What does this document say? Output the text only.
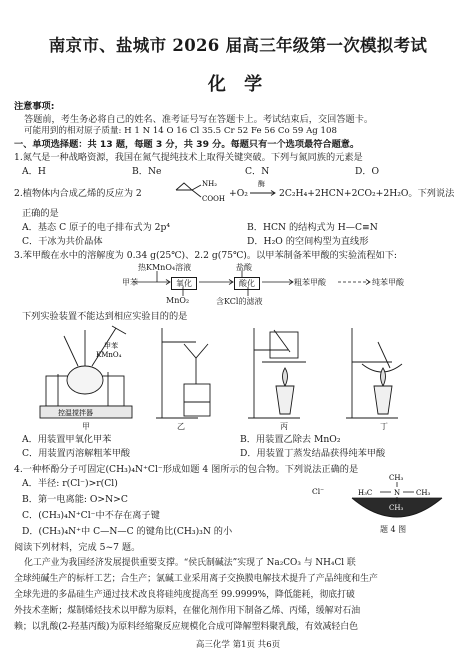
南京市、盐城市 2026 届高三年级第一次模拟考试
化 学
注意事项:
答题前，考生务必将自己的姓名、准考证号写在答题卡上。考试结束后，交回答题卡。
可能用到的相对原子质量: H 1 N 14 O 16 Cl 35.5 Cr 52 Fe 56 Co 59 Ag 108
一、单项选择题：共 13 题，每题 3 分，共 39 分。每题只有一个选项最符合题意。
1.氮气是一种战略资源，我国在氮气提纯技术上取得关键突破。下列与氮同族的元素是
A．H	B．Ne	C．N	D．O
2.植物体内合成乙烯的反应为 2
NH₂
COOH +O₂
酶
→ 2C₂H₄+2HCN+2CO₂+2H₂O。下列说法
正确的是
A．基态 C 原子的电子排布式为 2p⁴	B．HCN 的结构式为 H—C≡N
C．干冰为共价晶体	D．H₂O 的空间构型为直线形
3.苯甲酸在水中的溶解度为 0.34 g(25℃)、2.2 g(75℃)。以甲苯制备苯甲酸的实验流程如下:
热KMnO₄溶液	盐酸
甲苯	氧化	酸化	粗苯甲酸	纯苯甲酸
MnO₂	含KCl的滤液
下列实验装置不能达到相应实验目的的是
甲苯
KMnO₄
控温搅拌器
甲	乙	丙	丁
A．用装置甲氧化甲苯	B．用装置乙除去 MnO₂
C．用装置丙溶解粗苯甲酸	D．用装置丁蒸发结晶获得纯苯甲酸
4.一种杯酚分子可固定(CH₃)₄N⁺Cl⁻形成如题 4 图所示的包合物。下列说法正确的是
A．半径: r(Cl⁻)>r(Cl)
B．第一电离能: O>N>C
C．(CH₃)₄N⁺Cl⁻中不存在离子键
D．(CH₃)₄N⁺中 C—N—C 的键角比(CH₃)₃N 的小
Cl⁻
CH₃
H₃C	N CH₃
CH₃
题 4 图
阅读下列材料，完成 5~7 题。
化工产业为我国经济发展提供重要支撑。“侯氏制碱法”实现了 Na₂CO₃ 与 NH₄Cl 联
全球纯碱生产的标杆工艺；合生产；氯碱工业采用离子交换膜电解技术提升了产品纯度和生产
全球先进的多晶硅生产通过技术改良将硅纯度提高至 99.9999%，降低能耗，彻底打破
外技术垄断；煤制烯烃技术以甲醇为原料，在催化剂作用下制备乙烯、丙烯，缓解对石油
赖；以乳酸(2-羟基丙酸)为原料经缩聚反应规模化合成可降解塑料聚乳酸，有效减轻白色
高三化学 第1页 共6页
